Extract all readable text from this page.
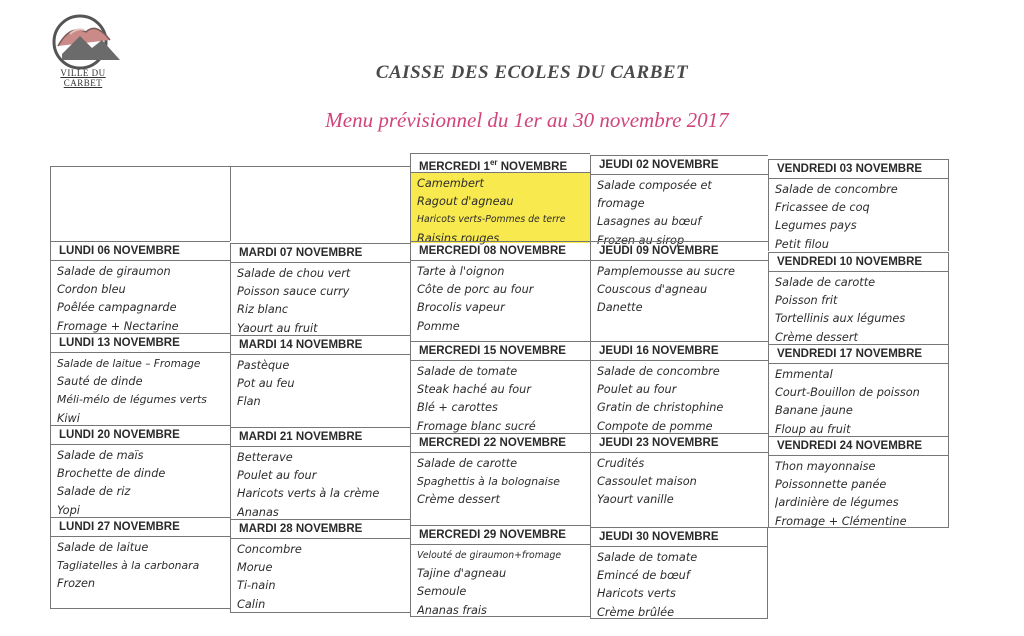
VILLE DU CARBET	CAISSE DES ECOLES DU CARBET
Menu prévisionnel du 1er au 30 novembre 2017
MERCREDI 1er NOVEMBRE
Camembert
Ragout d'agneau
Haricots verts-Pommes de terre
Raisins rouges
JEUDI 02 NOVEMBRE
Salade composée et
fromage
Lasagnes au bœuf
Frozen au sirop
VENDREDI 03 NOVEMBRE
Salade de concombre
Fricassee de coq
Legumes pays
Petit filou
LUNDI 06 NOVEMBRE
Salade de giraumon
Cordon bleu
Poêlée campagnarde
Fromage + Nectarine
MARDI 07 NOVEMBRE
Salade de chou vert
Poisson sauce curry
Riz blanc
Yaourt au fruit
MERCREDI 08 NOVEMBRE
Tarte à l'oignon
Côte de porc au four
Brocolis vapeur
Pomme
JEUDI 09 NOVEMBRE
Pamplemousse au sucre
Couscous d'agneau
Danette
VENDREDI 10 NOVEMBRE
Salade de carotte
Poisson frit
Tortellinis aux légumes
Crème dessert
LUNDI 13 NOVEMBRE
Salade de laitue – Fromage
Sauté de dinde
Méli-mélo de légumes verts
Kiwi
MARDI 14 NOVEMBRE
Pastèque
Pot au feu
Flan
MERCREDI 15 NOVEMBRE
Salade de tomate
Steak haché au four
Blé + carottes
Fromage blanc sucré
JEUDI 16 NOVEMBRE
Salade de concombre
Poulet au four
Gratin de christophine
Compote de pomme
VENDREDI 17 NOVEMBRE
Emmental
Court-Bouillon de poisson
Banane jaune
Floup au fruit
LUNDI 20 NOVEMBRE
Salade de maïs
Brochette de dinde
Salade de riz
Yopi
MARDI 21 NOVEMBRE
Betterave
Poulet au four
Haricots verts à la crème
Ananas
MERCREDI 22 NOVEMBRE
Salade de carotte
Spaghettis à la bolognaise
Crème dessert
JEUDI 23 NOVEMBRE
Crudités
Cassoulet maison
Yaourt vanille
VENDREDI 24 NOVEMBRE
Thon mayonnaise
Poissonnette panée
Jardinière de légumes
Fromage + Clémentine
LUNDI 27 NOVEMBRE
Salade de laitue
Tagliatelles à la carbonara
Frozen
MARDI 28 NOVEMBRE
Concombre
Morue
Ti-nain
Calin
MERCREDI 29 NOVEMBRE
Velouté de giraumon+fromage
Tajine d'agneau
Semoule
Ananas frais
JEUDI 30 NOVEMBRE
Salade de tomate
Emincé de bœuf
Haricots verts
Crème brûlée
